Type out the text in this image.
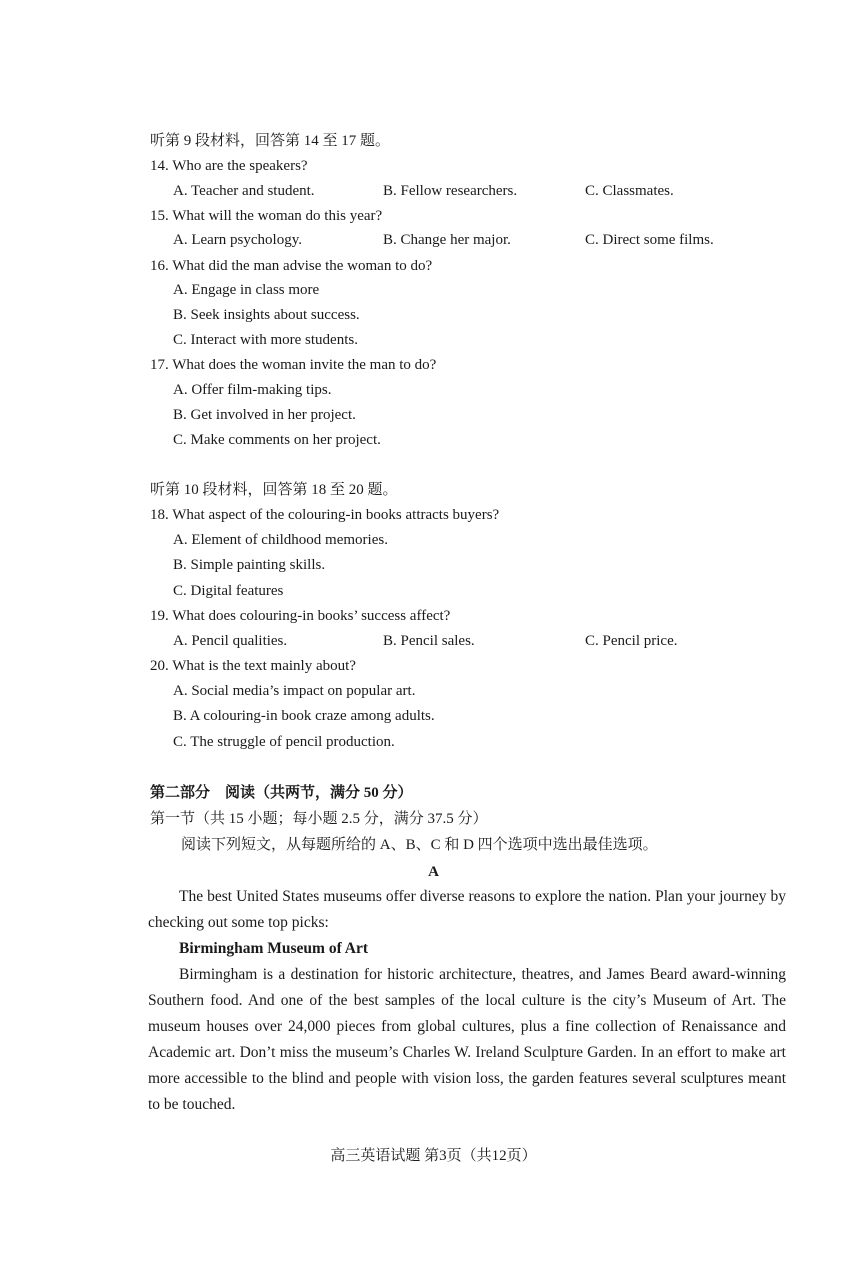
听第 9 段材料，回答第 14 至 17 题。
14. Who are the speakers?
A. Teacher and student.	B. Fellow researchers.	C. Classmates.
15. What will the woman do this year?
A. Learn psychology.	B. Change her major.	C. Direct some films.
16. What did the man advise the woman to do?
A. Engage in class more
B. Seek insights about success.
C. Interact with more students.
17. What does the woman invite the man to do?
A. Offer film-making tips.
B. Get involved in her project.
C. Make comments on her project.
听第 10 段材料，回答第 18 至 20 题。
18. What aspect of the colouring-in books attracts buyers?
A. Element of childhood memories.
B. Simple painting skills.
C. Digital features
19. What does colouring-in books’ success affect?
A. Pencil qualities.	B. Pencil sales.	C. Pencil price.
20. What is the text mainly about?
A. Social media’s impact on popular art.
B. A colouring-in book craze among adults.
C. The struggle of pencil production.
第二部分　阅读（共两节，满分 50 分）
第一节（共 15 小题；每小题 2.5 分，满分 37.5 分）
阅读下列短文，从每题所给的 A、B、C 和 D 四个选项中选出最佳选项。
A
The best United States museums offer diverse reasons to explore the nation. Plan your journey by checking out some top picks:
Birmingham Museum of Art
Birmingham is a destination for historic architecture, theatres, and James Beard award-winning Southern food. And one of the best samples of the local culture is the city’s Museum of Art. The museum houses over 24,000 pieces from global cultures, plus a fine collection of Renaissance and Academic art. Don’t miss the museum’s Charles W. Ireland Sculpture Garden. In an effort to make art more accessible to the blind and people with vision loss, the garden features several sculptures meant to be touched.
高三英语试题 第3页（共12页）
